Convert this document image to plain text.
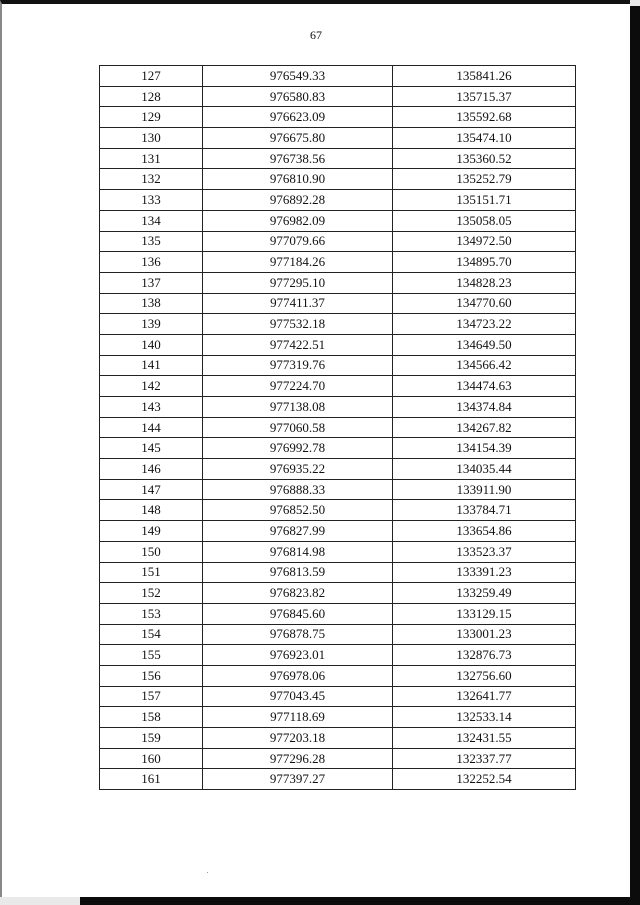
67
127	976549.33	135841.26
128	976580.83	135715.37
129	976623.09	135592.68
130	976675.80	135474.10
131	976738.56	135360.52
132	976810.90	135252.79
133	976892.28	135151.71
134	976982.09	135058.05
135	977079.66	134972.50
136	977184.26	134895.70
137	977295.10	134828.23
138	977411.37	134770.60
139	977532.18	134723.22
140	977422.51	134649.50
141	977319.76	134566.42
142	977224.70	134474.63
143	977138.08	134374.84
144	977060.58	134267.82
145	976992.78	134154.39
146	976935.22	134035.44
147	976888.33	133911.90
148	976852.50	133784.71
149	976827.99	133654.86
150	976814.98	133523.37
151	976813.59	133391.23
152	976823.82	133259.49
153	976845.60	133129.15
154	976878.75	133001.23
155	976923.01	132876.73
156	976978.06	132756.60
157	977043.45	132641.77
158	977118.69	132533.14
159	977203.18	132431.55
160	977296.28	132337.77
161	977397.27	132252.54
